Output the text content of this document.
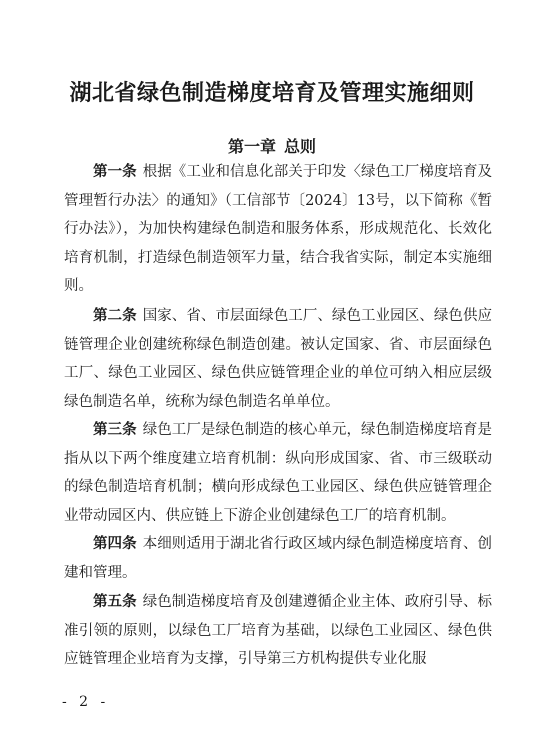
湖北省绿色制造梯度培育及管理实施细则
第一章 总则

第一条 根据《工业和信息化部关于印发〈绿色工厂梯度培育及管理暂行办法〉的通知》（工信部节〔2024〕13号，以下简称《暂行办法》），为加快构建绿色制造和服务体系，形成规范化、长效化培育机制，打造绿色制造领军力量，结合我省实际，制定本实施细则。

第二条 国家、省、市层面绿色工厂、绿色工业园区、绿色供应链管理企业创建统称绿色制造创建。被认定国家、省、市层面绿色工厂、绿色工业园区、绿色供应链管理企业的单位可纳入相应层级绿色制造名单，统称为绿色制造名单单位。

第三条 绿色工厂是绿色制造的核心单元，绿色制造梯度培育是指从以下两个维度建立培育机制：纵向形成国家、省、市三级联动的绿色制造培育机制；横向形成绿色工业园区、绿色供应链管理企业带动园区内、供应链上下游企业创建绿色工厂的培育机制。

第四条 本细则适用于湖北省行政区域内绿色制造梯度培育、创建和管理。

第五条 绿色制造梯度培育及创建遵循企业主体、政府引导、标准引领的原则，以绿色工厂培育为基础，以绿色工业园区、绿色供应链管理企业培育为支撑，引导第三方机构提供专业化服

- 2 -
